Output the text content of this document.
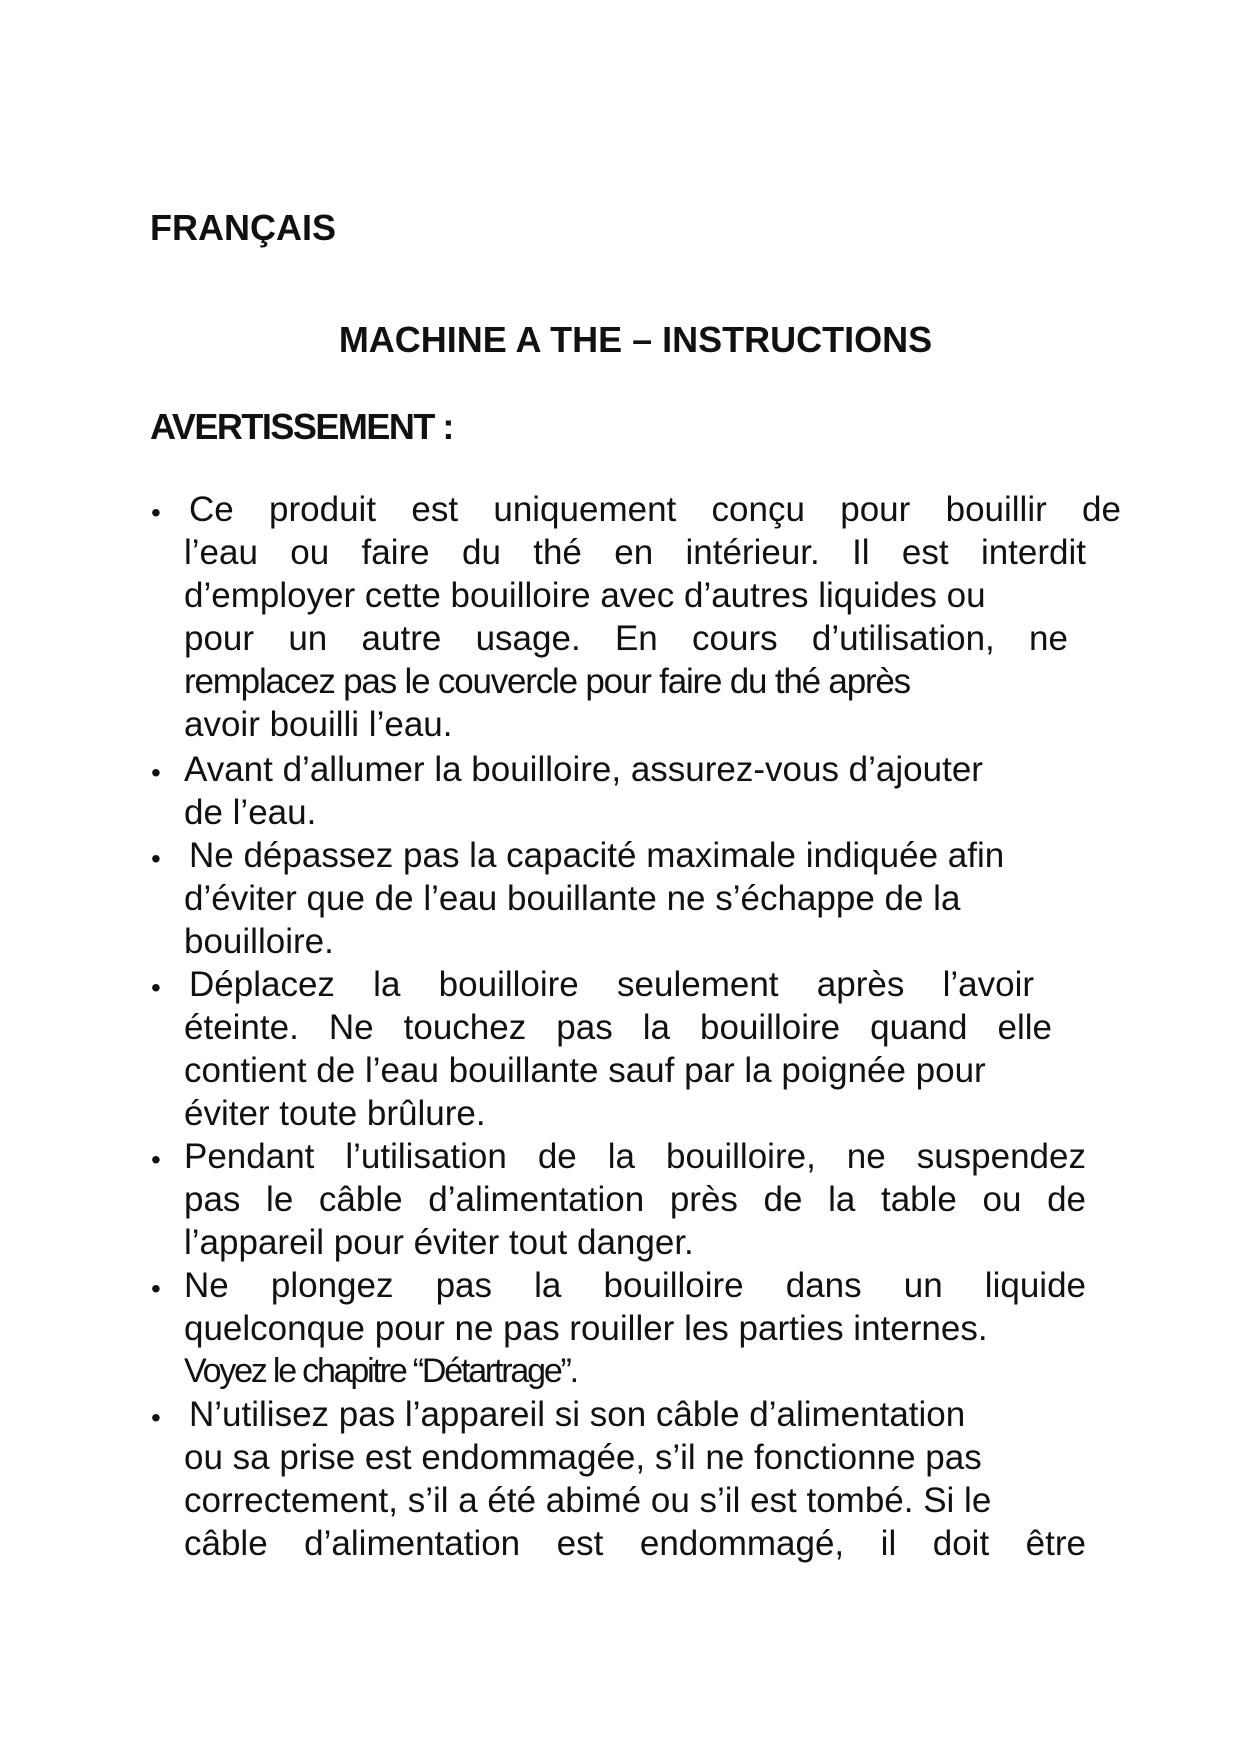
FRANÇAIS
MACHINE A THE – INSTRUCTIONS
AVERTISSEMENT :
• Ce produit est uniquement conçu pour bouillir de
l’eau ou faire du thé en intérieur. Il est interdit
d’employer cette bouilloire avec d’autres liquides ou
pour un autre usage. En cours d’utilisation, ne
remplacez pas le couvercle pour faire du thé après
avoir bouilli l’eau.
• Avant d’allumer la bouilloire, assurez-vous d’ajouter
de l’eau.
• Ne dépassez pas la capacité maximale indiquée afin
d’éviter que de l’eau bouillante ne s’échappe de la
bouilloire.
• Déplacez la bouilloire seulement après l’avoir
éteinte. Ne touchez pas la bouilloire quand elle
contient de l’eau bouillante sauf par la poignée pour
éviter toute brûlure.
• Pendant l’utilisation de la bouilloire, ne suspendez
pas le câble d’alimentation près de la table ou de
l’appareil pour éviter tout danger.
• Ne plongez pas la bouilloire dans un liquide
quelconque pour ne pas rouiller les parties internes.
Voyez le chapitre “Détartrage”.
• N’utilisez pas l’appareil si son câble d’alimentation
ou sa prise est endommagée, s’il ne fonctionne pas
correctement, s’il a été abimé ou s’il est tombé. Si le
câble d’alimentation est endommagé, il doit être
